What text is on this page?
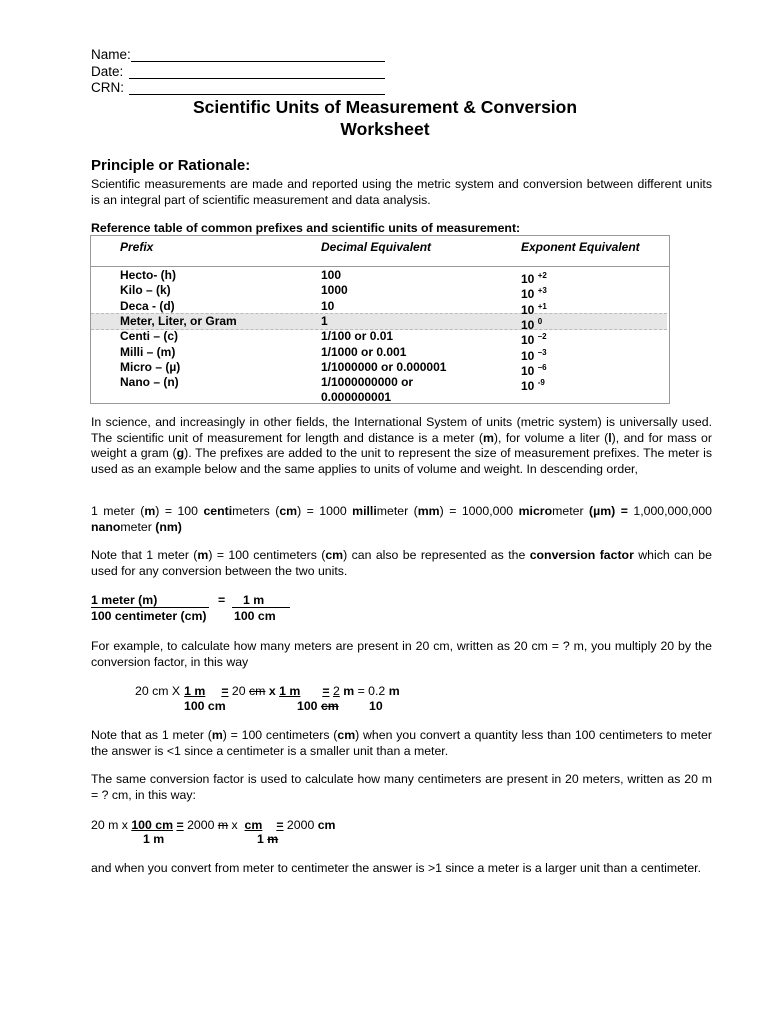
Name:
Date:
CRN:
Scientific Units of Measurement & Conversion
Worksheet
Principle or Rationale:
Scientific measurements are made and reported using the metric system and conversion between different units is an integral part of scientific measurement and data analysis.
Reference table of common prefixes and scientific units of measurement:
Prefix	Decimal Equivalent	Exponent Equivalent
Hecto- (h)	100	10 $^{+2}$
Kilo – (k)	1000	10 $^{+3}$
Deca - (d)	10	10 $^{+1}$
Meter, Liter, or Gram	1	10 $^0$
Centi – (c)	1/100 or 0.01	10 $^{-2}$
Milli – (m)	1/1000 or 0.001	10 $^{-3}$
Micro – (µ)	1/1000000 or 0.000001	10 $^{-6}$
Nano – (n)	1/1000000000 or	10 $^{-9}$
0.000000001
In science, and increasingly in other fields, the International System of units (metric system) is universally used. The scientific unit of measurement for length and distance is a meter (m), for volume a liter (l), and for mass or weight a gram (g). The prefixes are added to the unit to represent the size of measurement prefixes. The meter is used as an example below and the same applies to units of volume and weight. In descending order,
1 meter (m) = 100 centimeters (cm) = 1000 millimeter (mm) = 1000,000 micrometer (µm) = 1,000,000,000 nanometer (nm)
Note that 1 meter (m) = 100 centimeters (cm) can also be represented as the conversion factor which can be used for any conversion between the two units.
1 meter (m)
100 centimeter (cm)
= 1 m
100 cm
For example, to calculate how many meters are present in 20 cm, written as 20 cm = ? m, you multiply 20 by the conversion factor, in this way
20 cm X 1 m = 20 cm x 1 m = 2 m = 0.2 m
100 cm	100 cm 10
Note that as 1 meter (m) = 100 centimeters (cm) when you convert a quantity less than 100 centimeters to meter the answer is <1 since a centimeter is a smaller unit than a meter.
The same conversion factor is used to calculate how many centimeters are present in 20 meters, written as 20 m = ? cm, in this way:
20 m x 100 cm = 2000 m x cm = 2000 cm
1 m	1 m
and when you convert from meter to centimeter the answer is >1 since a meter is a larger unit than a centimeter.
